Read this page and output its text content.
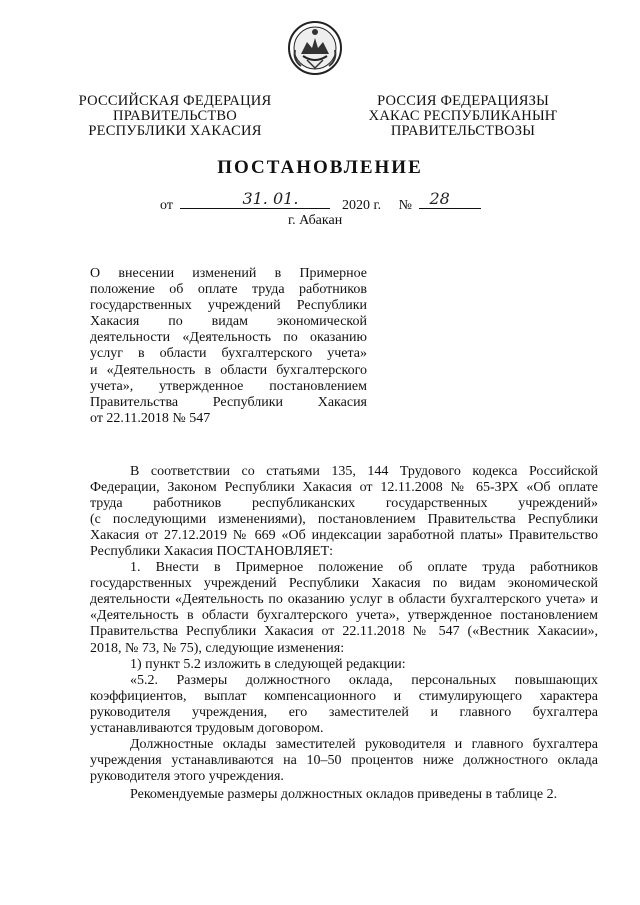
РОССИЙСКАЯ ФЕДЕРАЦИЯ
ПРАВИТЕЛЬСТВО
РЕСПУБЛИКИ ХАКАСИЯ
РОССИЯ ФЕДЕРАЦИЯЗЫ
ХАКАС РЕСПУБЛИКАНЫҤ
ПРАВИТЕЛЬСТВОЗЫ
ПОСТАНОВЛЕНИЕ
от	31. 01.	2020 г. № 28
г. Абакан
О внесении изменений в Примерное
положение об оплате труда работников
государственных учреждений Республики
Хакасия по видам экономической
деятельности «Деятельность по оказанию
услуг в области бухгалтерского учета»
и «Деятельность в области бухгалтерского
учета», утвержденное постановлением
Правительства Республики Хакасия
от 22.11.2018 № 547
В соответствии со статьями 135, 144 Трудового кодекса Российской
Федерации, Законом Республики Хакасия от 12.11.2008 № 65-ЗРХ «Об оплате
труда работников республиканских государственных учреждений»
(с последующими изменениями), постановлением Правительства Республики
Хакасия от 27.12.2019 № 669 «Об индексации заработной платы» Правительство
Республики Хакасия ПОСТАНОВЛЯЕТ:
1. Внести в Примерное положение об оплате труда работников
государственных учреждений Республики Хакасия по видам экономической
деятельности «Деятельность по оказанию услуг в области бухгалтерского учета» и
«Деятельность в области бухгалтерского учета», утвержденное постановлением
Правительства Республики Хакасия от 22.11.2018 № 547 («Вестник Хакасии»,
2018, № 73, № 75), следующие изменения:
1) пункт 5.2 изложить в следующей редакции:
«5.2. Размеры должностного оклада, персональных повышающих
коэффициентов, выплат компенсационного и стимулирующего характера
руководителя учреждения, его заместителей и главного бухгалтера
устанавливаются трудовым договором.
Должностные оклады заместителей руководителя и главного бухгалтера
учреждения устанавливаются на 10–50 процентов ниже должностного оклада
руководителя этого учреждения.
Рекомендуемые размеры должностных окладов приведены в таблице 2.
